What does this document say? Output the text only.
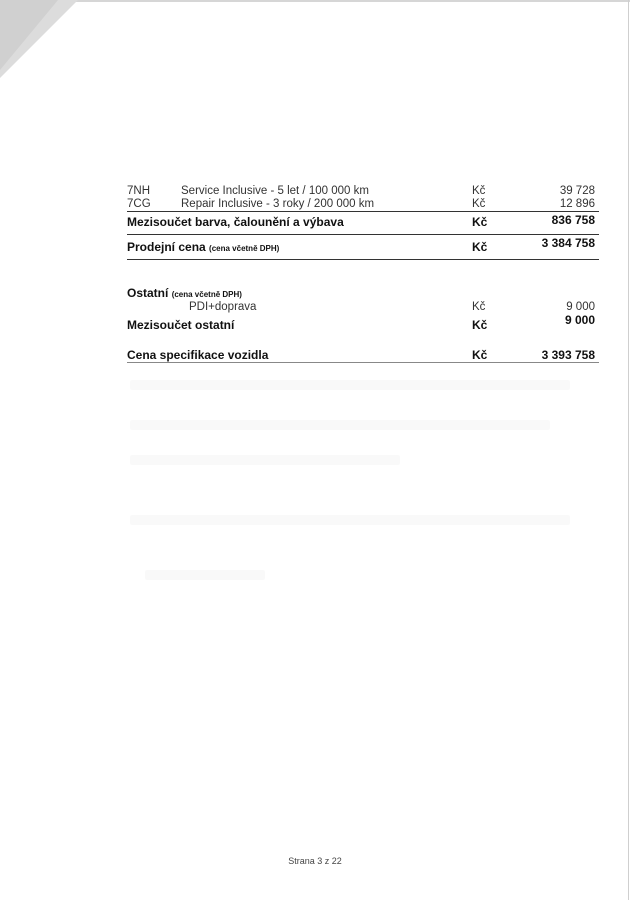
7NH	Service Inclusive - 5 let / 100 000 km	Kč	39 728
7CG	Repair Inclusive - 3 roky / 200 000 km	Kč	12 896
Mezisoučet barva, čalounění a výbava	Kč	836 758
Prodejní cena (cena včetně DPH)	Kč	3 384 758
Ostatní (cena včetně DPH)
PDI+doprava	Kč	9 000
Mezisoučet ostatní	Kč	9 000
Cena specifikace vozidla	Kč	3 393 758
Strana 3 z 22
